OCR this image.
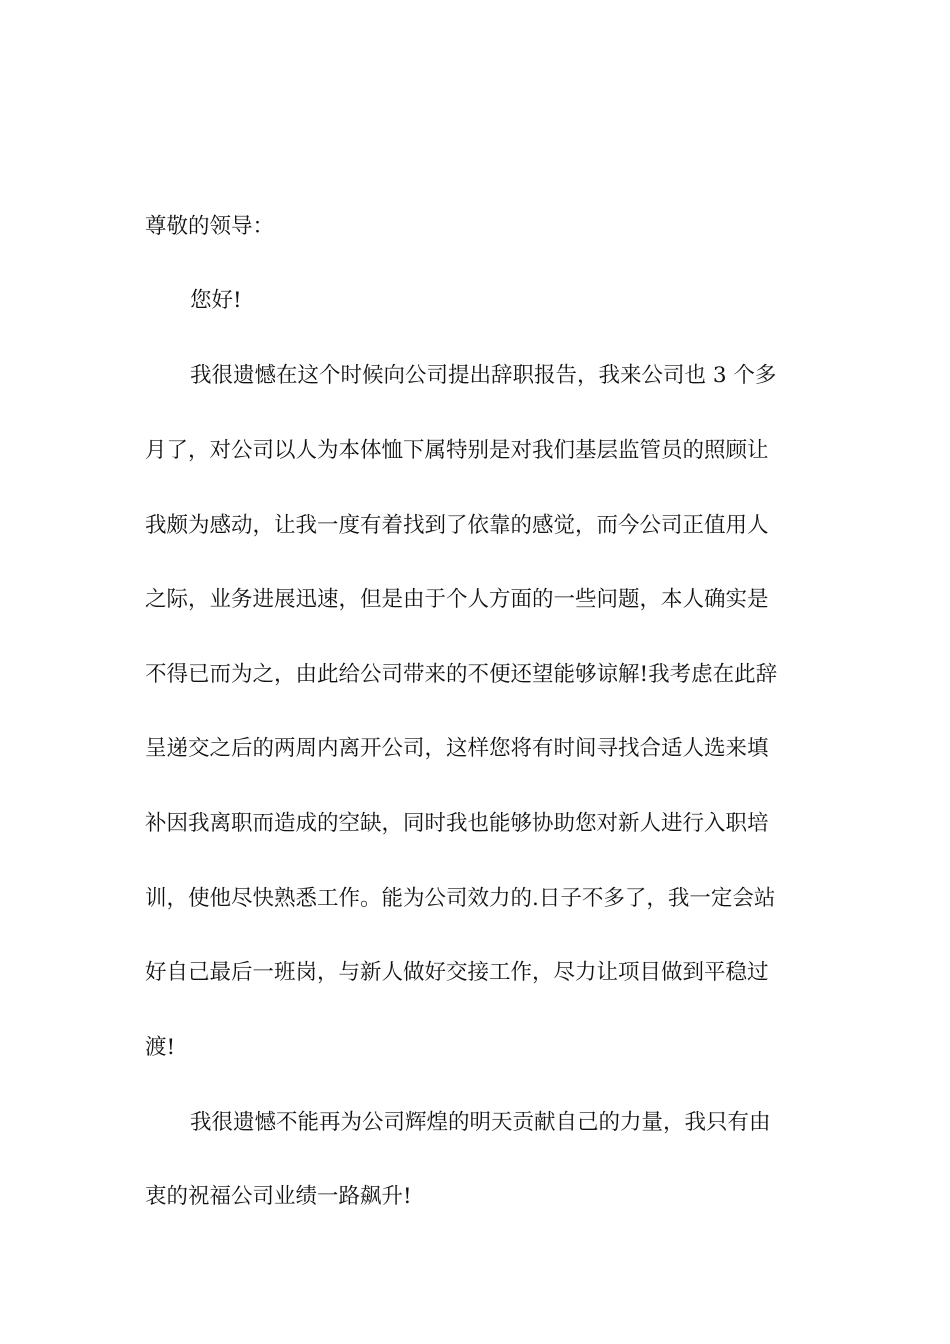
尊敬的领导：

您好!

我很遗憾在这个时候向公司提出辞职报告，我来公司也 3 个多

月了，对公司以人为本体恤下属特别是对我们基层监管员的照顾让

我颇为感动，让我一度有着找到了依靠的感觉，而今公司正值用人

之际，业务进展迅速，但是由于个人方面的一些问题，本人确实是

不得已而为之，由此给公司带来的不便还望能够谅解!我考虑在此辞

呈递交之后的两周内离开公司，这样您将有时间寻找合适人选来填

补因我离职而造成的空缺，同时我也能够协助您对新人进行入职培

训，使他尽快熟悉工作。能为公司效力的.日子不多了，我一定会站

好自己最后一班岗，与新人做好交接工作，尽力让项目做到平稳过

渡!

我很遗憾不能再为公司辉煌的明天贡献自己的力量，我只有由

衷的祝福公司业绩一路飙升!
